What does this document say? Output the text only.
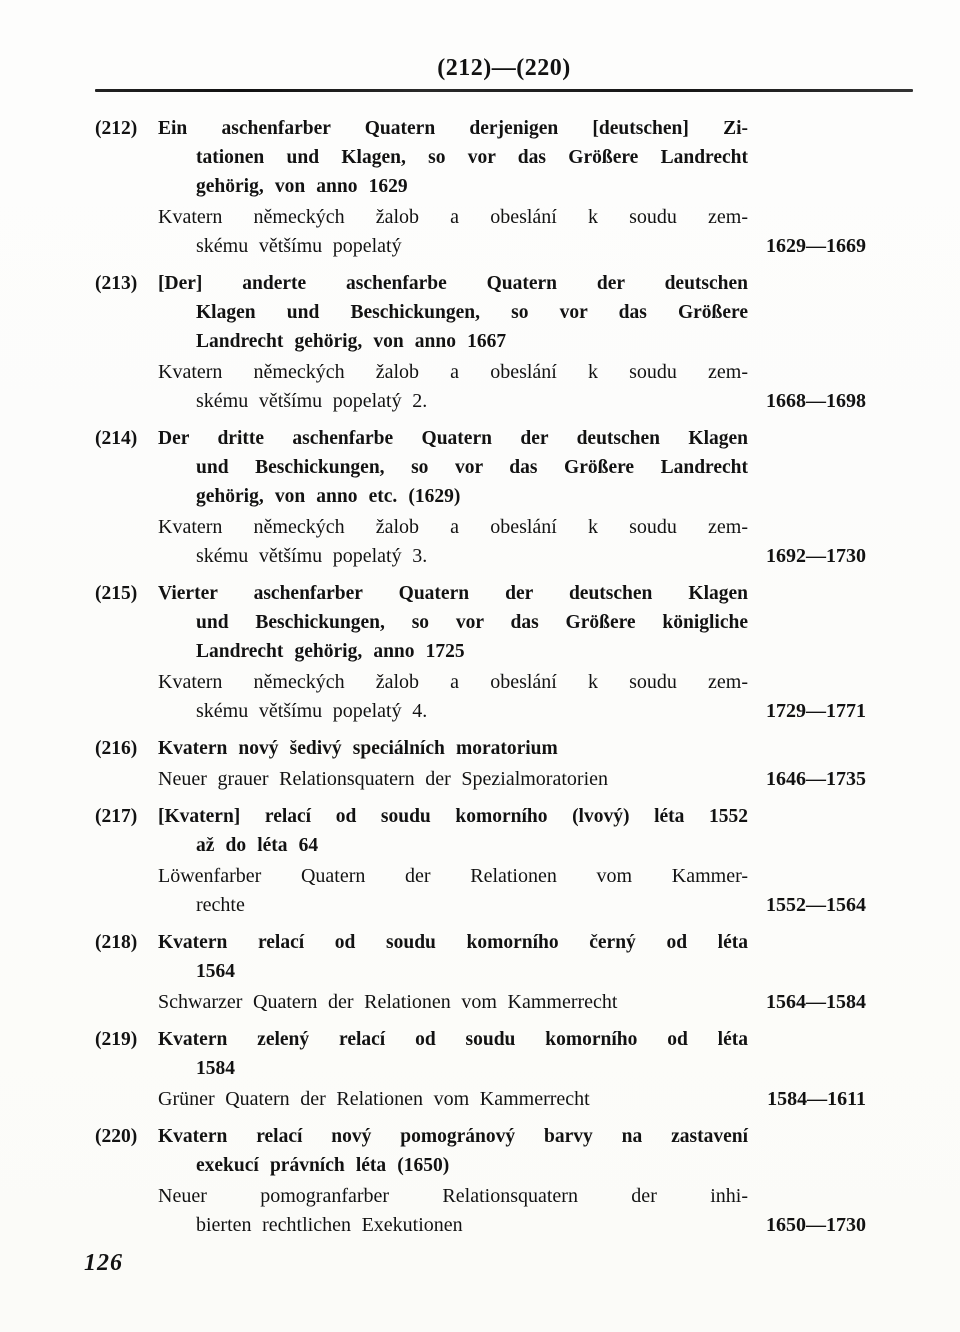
(212)—(220)
(212)	Ein aschenfarber Quatern derjenigen [deutschen] Zi-
tationen und Klagen, so vor das Größere Landrecht
gehörig, von anno 1629
Kvatern německých žalob a obeslání k soudu zem-
skému většímu popelatý	1629—1669
(213)	[Der] anderte aschenfarbe Quatern der deutschen
Klagen und Beschickungen, so vor das Größere
Landrecht gehörig, von anno 1667
Kvatern německých žalob a obeslání k soudu zem-
skému většímu popelatý 2.	1668—1698
(214)	Der dritte aschenfarbe Quatern der deutschen Klagen
und Beschickungen, so vor das Größere Landrecht
gehörig, von anno etc. (1629)
Kvatern německých žalob a obeslání k soudu zem-
skému většímu popelatý 3.	1692—1730
(215)	Vierter aschenfarber Quatern der deutschen Klagen
und Beschickungen, so vor das Größere königliche
Landrecht gehörig, anno 1725
Kvatern německých žalob a obeslání k soudu zem-
skému většímu popelatý 4.	1729—1771
(216)	Kvatern nový šedivý speciálních moratorium
Neuer grauer Relationsquatern der Spezialmoratorien	1646—1735
(217)	[Kvatern] relací od soudu komorního (lvový) léta 1552
až do léta 64
Löwenfarber Quatern der Relationen vom Kammer-
rechte	1552—1564
(218)	Kvatern relací od soudu komorního černý od léta
1564
Schwarzer Quatern der Relationen vom Kammerrecht	1564—1584
(219)	Kvatern zelený relací od soudu komorního od léta
1584
Grüner Quatern der Relationen vom Kammerrecht	1584—1611
(220)	Kvatern relací nový pomogránový barvy na zastavení
exekucí právních léta (1650)
Neuer pomogranfarber Relationsquatern der inhi-
bierten rechtlichen Exekutionen	1650—1730
126
